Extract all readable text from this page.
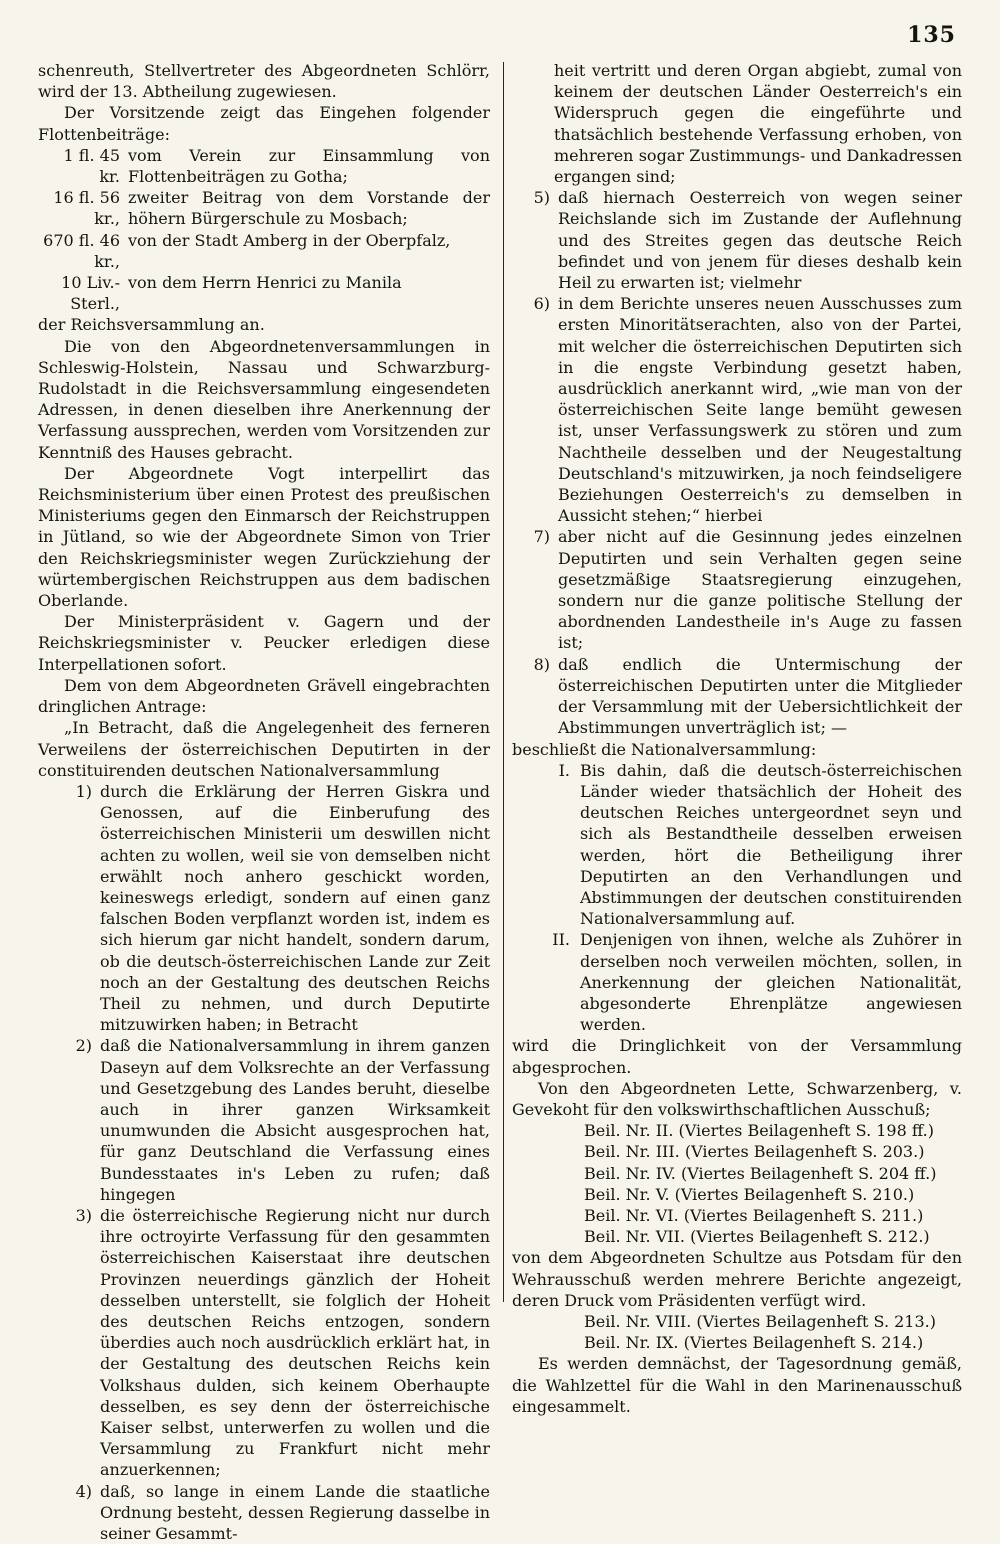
135

schenreuth, Stellvertreter des Abgeordneten Schlörr, wird der 13. Abtheilung zugewiesen.

Der Vorsitzende zeigt das Eingehen folgender Flottenbeiträge:

1 fl. 45 kr.
vom Verein zur Einsammlung von Flottenbeiträgen zu Gotha;
16 fl. 56 kr.,
zweiter Beitrag von dem Vorstande der höhern Bürgerschule zu Mosbach;
670 fl. 46 kr.,
von der Stadt Amberg in der Oberpfalz,
10 Liv.-Sterl.,
von dem Herrn Henrici zu Manila

der Reichsversammlung an.

Die von den Abgeordnetenversammlungen in Schleswig-Holstein, Nassau und Schwarzburg-Rudolstadt in die Reichsversammlung eingesendeten Adressen, in denen dieselben ihre Anerkennung der Verfassung aussprechen, werden vom Vorsitzenden zur Kenntniß des Hauses gebracht.

Der Abgeordnete Vogt interpellirt das Reichsministerium über einen Protest des preußischen Ministeriums gegen den Einmarsch der Reichstruppen in Jütland, so wie der Abgeordnete Simon von Trier den Reichskriegsminister wegen Zurückziehung der würtembergischen Reichstruppen aus dem badischen Oberlande.

Der Ministerpräsident v. Gagern und der Reichskriegsminister v. Peucker erledigen diese Interpellationen sofort.

Dem von dem Abgeordneten Grävell eingebrachten dringlichen Antrage:

„In Betracht, daß die Angelegenheit des ferneren Verweilens der österreichischen Deputirten in der constituirenden deutschen Nationalversammlung

1) durch die Erklärung der Herren Giskra und Genossen, auf die Einberufung des österreichischen Ministerii um deswillen nicht achten zu wollen, weil sie von demselben nicht erwählt noch anhero geschickt worden, keineswegs erledigt, sondern auf einen ganz falschen Boden verpflanzt worden ist, indem es sich hierum gar nicht handelt, sondern darum, ob die deutsch-österreichischen Lande zur Zeit noch an der Gestaltung des deutschen Reichs Theil zu nehmen, und durch Deputirte mitzuwirken haben; in Betracht
2) daß die Nationalversammlung in ihrem ganzen Daseyn auf dem Volksrechte an der Verfassung und Gesetzgebung des Landes beruht, dieselbe auch in ihrer ganzen Wirksamkeit unumwunden die Absicht ausgesprochen hat, für ganz Deutschland die Verfassung eines Bundesstaates in's Leben zu rufen; daß hingegen
3) die österreichische Regierung nicht nur durch ihre octroyirte Verfassung für den gesammten österreichischen Kaiserstaat ihre deutschen Provinzen neuerdings gänzlich der Hoheit desselben unterstellt, sie folglich der Hoheit des deutschen Reichs entzogen, sondern überdies auch noch ausdrücklich erklärt hat, in der Gestaltung des deutschen Reichs kein Volkshaus dulden, sich keinem Oberhaupte desselben, es sey denn der österreichische Kaiser selbst, unterwerfen zu wollen und die Versammlung zu Frankfurt nicht mehr anzuerkennen;
4) daß, so lange in einem Lande die staatliche Ordnung besteht, dessen Regierung dasselbe in seiner Gesammt-

heit vertritt und deren Organ abgiebt, zumal von keinem der deutschen Länder Oesterreich's ein Widerspruch gegen die eingeführte und thatsächlich bestehende Verfassung erhoben, von mehreren sogar Zustimmungs- und Dankadressen ergangen sind;

5) daß hiernach Oesterreich von wegen seiner Reichslande sich im Zustande der Auflehnung und des Streites gegen das deutsche Reich befindet und von jenem für dieses deshalb kein Heil zu erwarten ist; vielmehr
6) in dem Berichte unseres neuen Ausschusses zum ersten Minoritätserachten, also von der Partei, mit welcher die österreichischen Deputirten sich in die engste Verbindung gesetzt haben, ausdrücklich anerkannt wird, „wie man von der österreichischen Seite lange bemüht gewesen ist, unser Verfassungswerk zu stören und zum Nachtheile desselben und der Neugestaltung Deutschland's mitzuwirken, ja noch feindseligere Beziehungen Oesterreich's zu demselben in Aussicht stehen;“ hierbei
7) aber nicht auf die Gesinnung jedes einzelnen Deputirten und sein Verhalten gegen seine gesetzmäßige Staatsregierung einzugehen, sondern nur die ganze politische Stellung der abordnenden Landestheile in's Auge zu fassen ist;
8) daß endlich die Untermischung der österreichischen Deputirten unter die Mitglieder der Versammlung mit der Uebersichtlichkeit der Abstimmungen unverträglich ist; —

beschließt die Nationalversammlung:

I. Bis dahin, daß die deutsch-österreichischen Länder wieder thatsächlich der Hoheit des deutschen Reiches untergeordnet seyn und sich als Bestandtheile desselben erweisen werden, hört die Betheiligung ihrer Deputirten an den Verhandlungen und Abstimmungen der deutschen constituirenden Nationalversammlung auf.
II. Denjenigen von ihnen, welche als Zuhörer in derselben noch verweilen möchten, sollen, in Anerkennung der gleichen Nationalität, abgesonderte Ehrenplätze angewiesen werden.

wird die Dringlichkeit von der Versammlung abgesprochen.

Von den Abgeordneten Lette, Schwarzenberg, v. Gevekoht für den volkswirthschaftlichen Ausschuß;

Beil. Nr. II. (Viertes Beilagenheft S. 198 ff.)

Beil. Nr. III. (Viertes Beilagenheft S. 203.)

Beil. Nr. IV. (Viertes Beilagenheft S. 204 ff.)

Beil. Nr. V. (Viertes Beilagenheft S. 210.)

Beil. Nr. VI. (Viertes Beilagenheft S. 211.)

Beil. Nr. VII. (Viertes Beilagenheft S. 212.)

von dem Abgeordneten Schultze aus Potsdam für den Wehrausschuß werden mehrere Berichte angezeigt, deren Druck vom Präsidenten verfügt wird.

Beil. Nr. VIII. (Viertes Beilagenheft S. 213.)

Beil. Nr. IX. (Viertes Beilagenheft S. 214.)

Es werden demnächst, der Tagesordnung gemäß, die Wahlzettel für die Wahl in den Marinenausschuß eingesammelt.
